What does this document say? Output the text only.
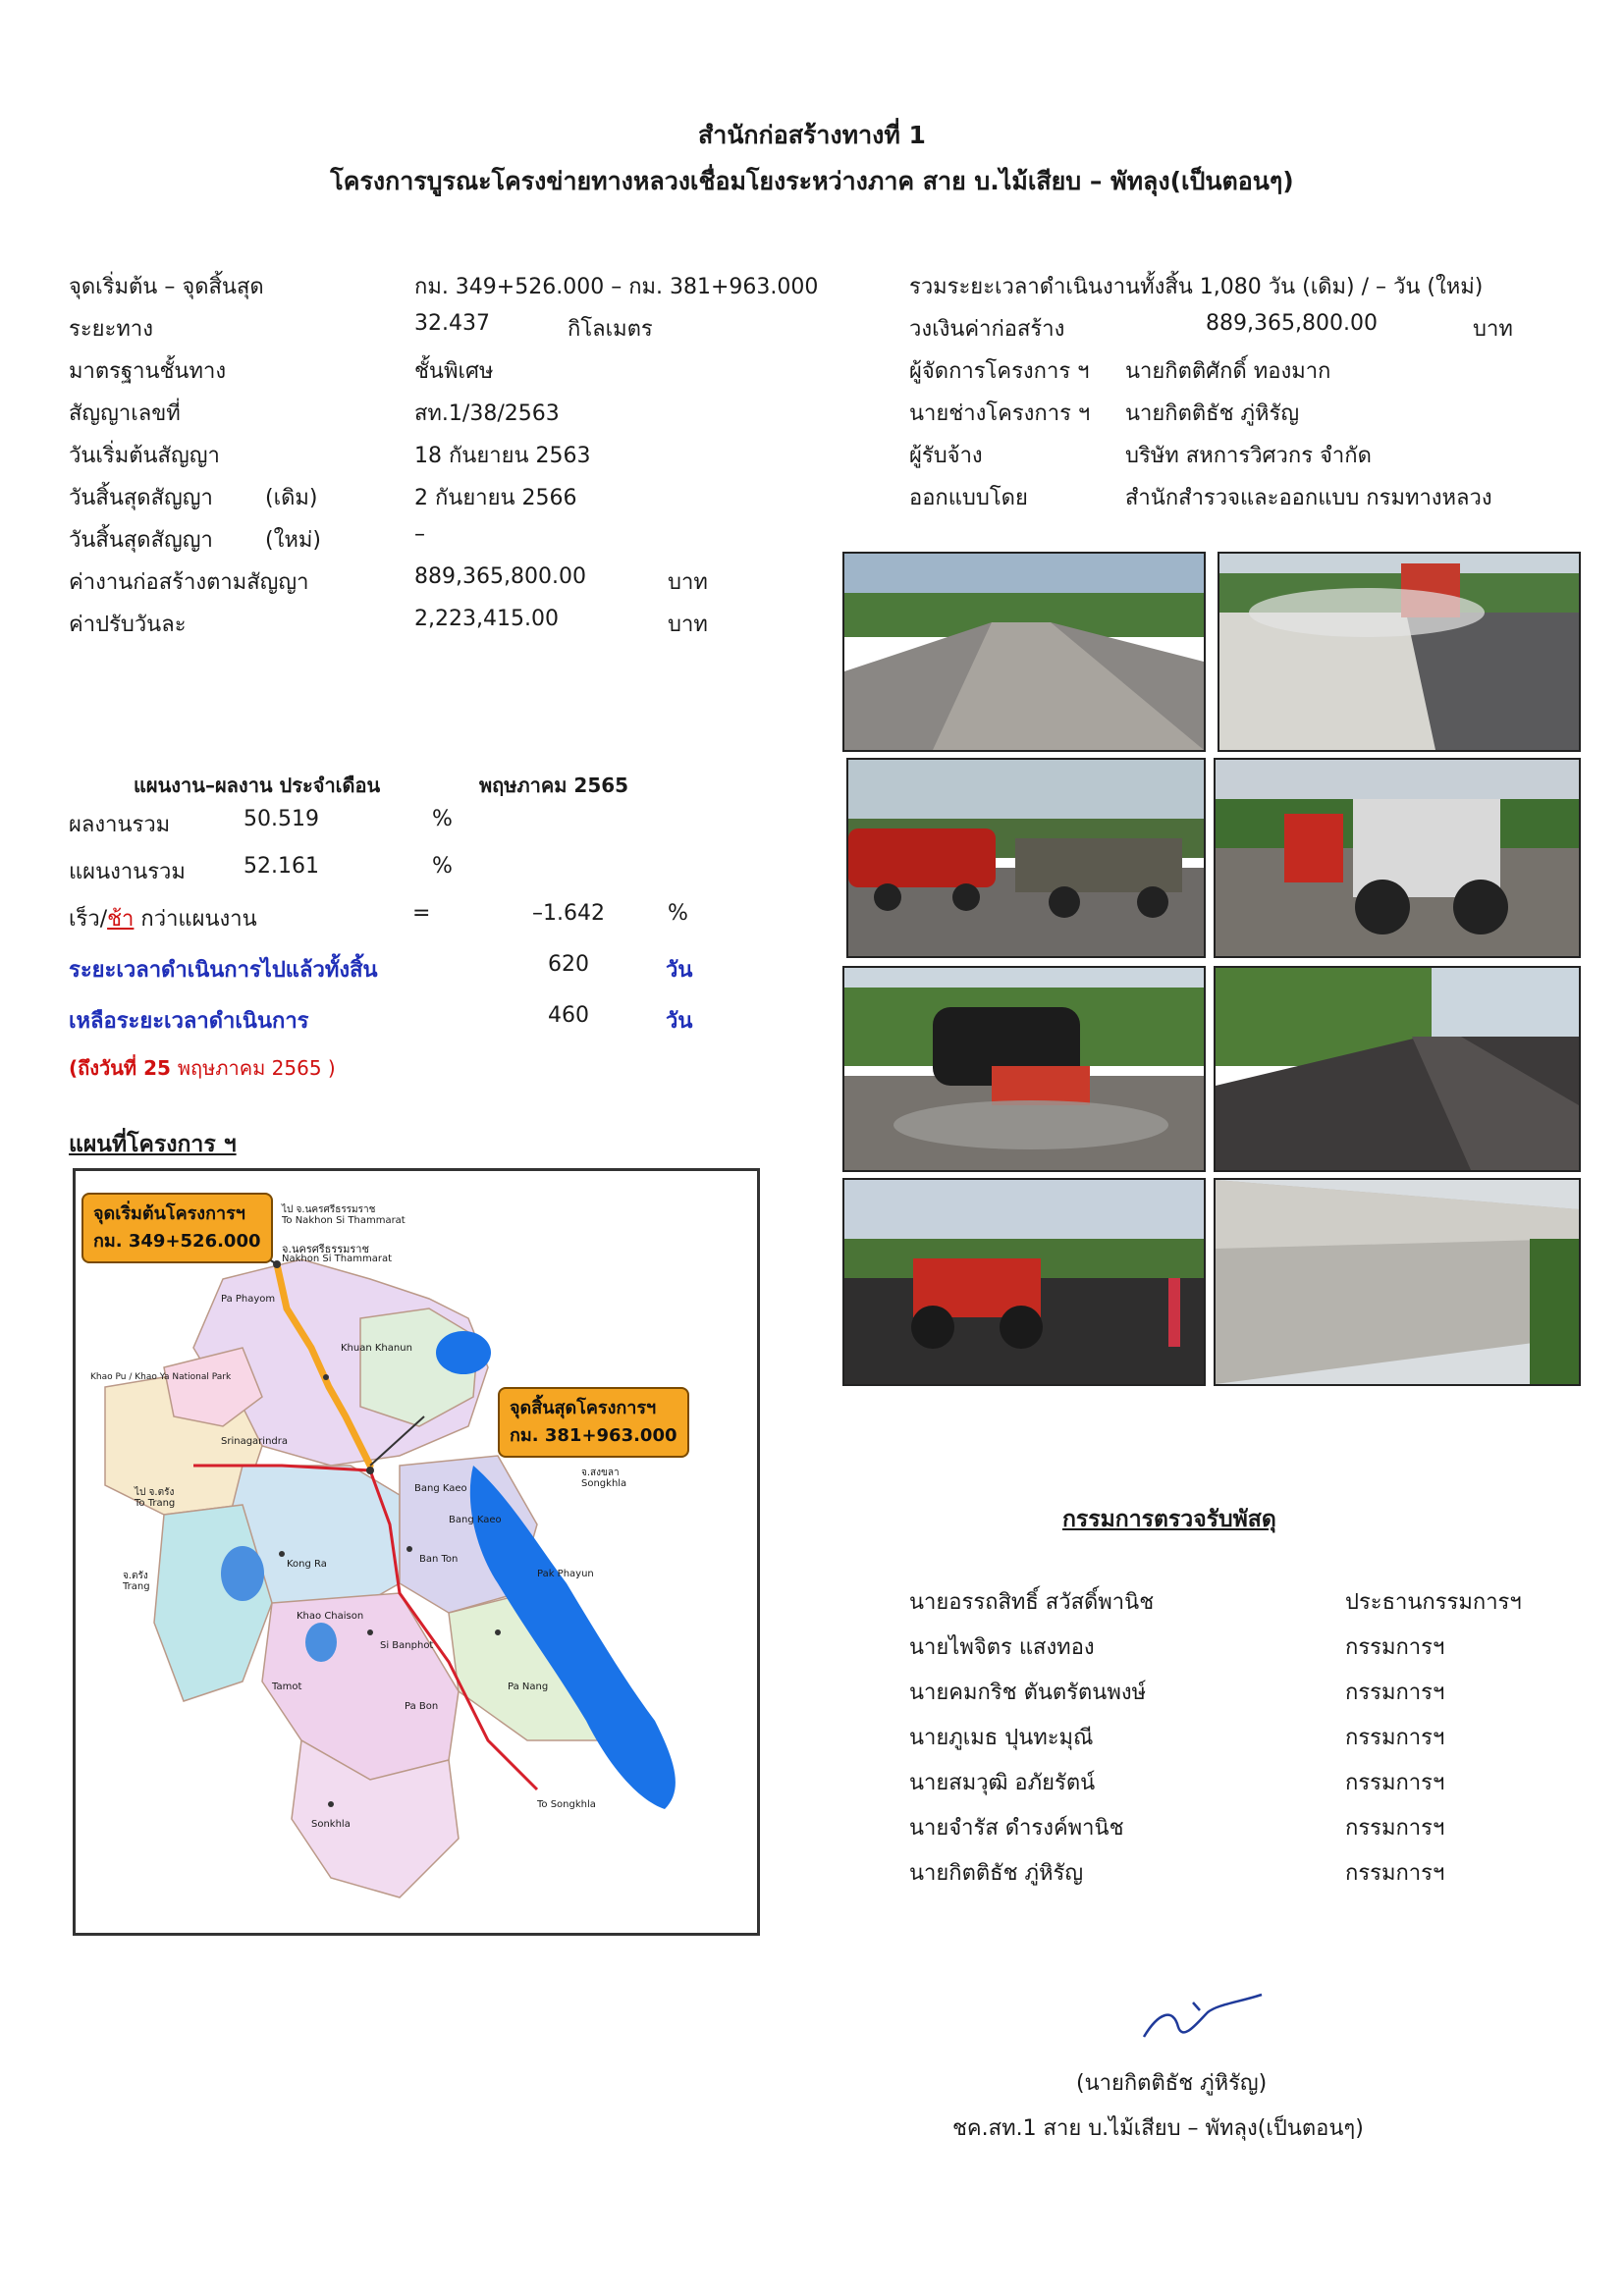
สำนักก่อสร้างทางที่ 1
โครงการบูรณะโครงข่ายทางหลวงเชื่อมโยงระหว่างภาค สาย บ.ไม้เสียบ – พัทลุง(เป็นตอนๆ)
จุดเริ่มต้น – จุดสิ้นสุด	กม. 349+526.000 – กม. 381+963.000
ระยะทาง	32.437	กิโลเมตร
มาตรฐานชั้นทาง	ชั้นพิเศษ
สัญญาเลขที่	สท.1/38/2563
วันเริ่มต้นสัญญา	18 กันยายน 2563
วันสิ้นสุดสัญญา (เดิม)	2 กันยายน 2566
วันสิ้นสุดสัญญา (ใหม่)	–
ค่างานก่อสร้างตามสัญญา	889,365,800.00	บาท
ค่าปรับวันละ	2,223,415.00	บาท
รวมระยะเวลาดำเนินงานทั้งสิ้น 1,080 วัน (เดิม) / – วัน (ใหม่)
วงเงินค่าก่อสร้าง	889,365,800.00	บาท
ผู้จัดการโครงการ ฯ นายกิตติศักดิ์ ทองมาก
นายช่างโครงการ ฯ นายกิตติธัช ภู่หิรัญ
ผู้รับจ้าง	บริษัท สหการวิศวกร จำกัด
ออกแบบโดย	สำนักสำรวจและออกแบบ กรมทางหลวง
แผนงาน–ผลงาน ประจำเดือน	พฤษภาคม 2565
ผลงานรวม	50.519	%
แผนงานรวม	52.161	%
เร็ว/ช้า กว่าแผนงาน	=	–1.642	%
ระยะเวลาดำเนินการไปแล้วทั้งสิ้น	620	วัน
เหลือระยะเวลาดำเนินการ	460	วัน
(ถึงวันที่ 25 พฤษภาคม 2565 )
แผนที่โครงการ ฯ
จ.นครศรีธรรมราช
Nakhon Si Thammarat
ไป จ.นครศรีธรรมราช
To Nakhon Si Thammarat
Pa Phayom
Khuan Khanun
Bang Kaeo
Pak Phayun
จ.สงขลา
Songkhla
จ.ตรัง
Trang
ไป จ.ตรัง
To Trang
Srinagarindra
Kong Ra
Khao Chaison
Ban Ton
Si Banphot
Tamot
Pa Bon
Pa Nang
Bang Kaeo
Sonkhla
To Songkhla
Khao Pu / Khao Ya National Park
จุดเริ่มต้นโครงการฯ
กม. 349+526.000
จุดสิ้นสุดโครงการฯ
กม. 381+963.000
กรรมการตรวจรับพัสดุ
นายอรรถสิทธิ์ สวัสดิ์พานิช	ประธานกรรมการฯ
นายไพจิตร แสงทอง	กรรมการฯ
นายคมกริช ตันตรัตนพงษ์	กรรมการฯ
นายภูเมธ ปุนทะมุณี	กรรมการฯ
นายสมวุฒิ อภัยรัตน์	กรรมการฯ
นายจำรัส ดำรงค์พานิช	กรรมการฯ
นายกิตติธัช ภู่หิรัญ	กรรมการฯ
(นายกิตติธัช ภู่หิรัญ)
ชค.สท.1 สาย บ.ไม้เสียบ – พัทลุง(เป็นตอนๆ)
